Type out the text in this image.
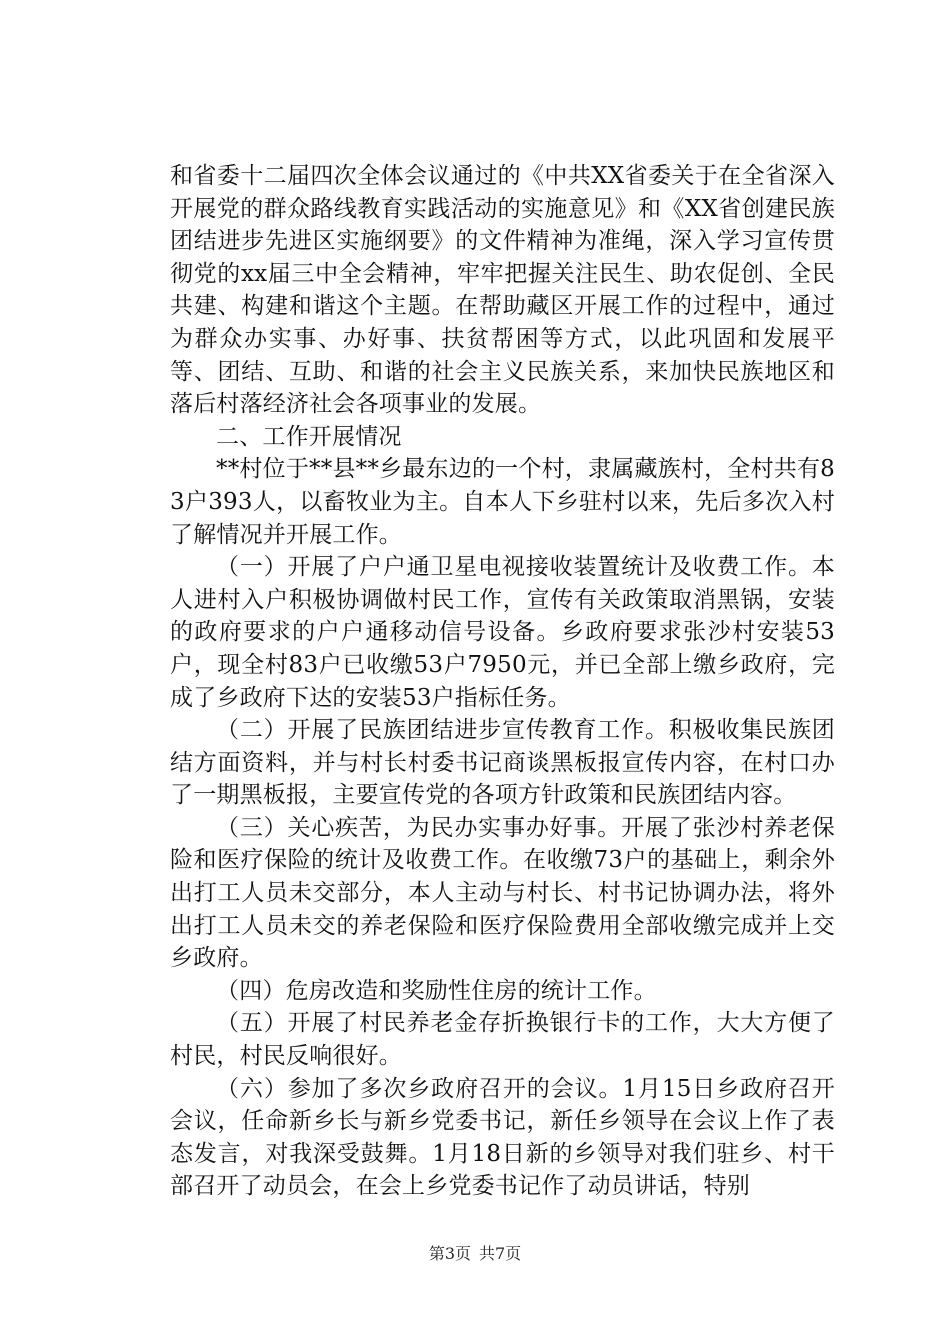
和省委十二届四次全体会议通过的《中共XX省委关于在全省深入开展党的群众路线教育实践活动的实施意见》和《XX省创建民族团结进步先进区实施纲要》的文件精神为准绳，深入学习宣传贯彻党的xx届三中全会精神，牢牢把握关注民生、助农促创、全民共建、构建和谐这个主题。在帮助藏区开展工作的过程中，通过为群众办实事、办好事、扶贫帮困等方式，以此巩固和发展平等、团结、互助、和谐的社会主义民族关系，来加快民族地区和落后村落经济社会各项事业的发展。

二、工作开展情况

**村位于**县**乡最东边的一个村，隶属藏族村，全村共有83户393人，以畜牧业为主。自本人下乡驻村以来，先后多次入村了解情况并开展工作。

（一）开展了户户通卫星电视接收装置统计及收费工作。本人进村入户积极协调做村民工作，宣传有关政策取消黑锅，安装的政府要求的户户通移动信号设备。乡政府要求张沙村安装53户，现全村83户已收缴53户7950元，并已全部上缴乡政府，完成了乡政府下达的安装53户指标任务。

（二）开展了民族团结进步宣传教育工作。积极收集民族团结方面资料，并与村长村委书记商谈黑板报宣传内容，在村口办了一期黑板报，主要宣传党的各项方针政策和民族团结内容。

（三）关心疾苦，为民办实事办好事。开展了张沙村养老保险和医疗保险的统计及收费工作。在收缴73户的基础上，剩余外出打工人员未交部分，本人主动与村长、村书记协调办法，将外出打工人员未交的养老保险和医疗保险费用全部收缴完成并上交乡政府。

（四）危房改造和奖励性住房的统计工作。

（五）开展了村民养老金存折换银行卡的工作，大大方便了村民，村民反响很好。

（六）参加了多次乡政府召开的会议。1月15日乡政府召开会议，任命新乡长与新乡党委书记，新任乡领导在会议上作了表态发言，对我深受鼓舞。1月18日新的乡领导对我们驻乡、村干部召开了动员会，在会上乡党委书记作了动员讲话，特别

第3页 共7页
